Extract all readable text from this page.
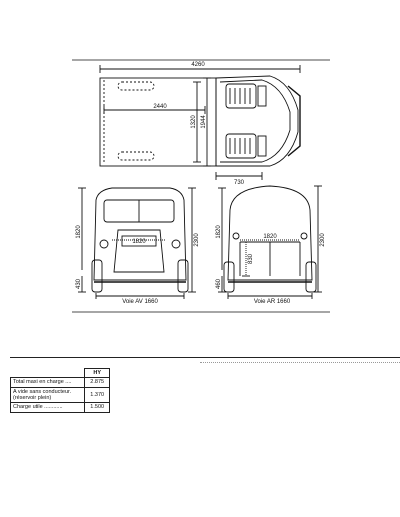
4260
2440
1320 1944
730
1820
430
2300
1820
Voie AV 1660
1820
460
2300
830
1820
Voie AR 1660
	HY
Total maxi en charge ....	2.875
A vide sans conducteur. (réservoir plein)	1.370
Charge utile ............	1.500
